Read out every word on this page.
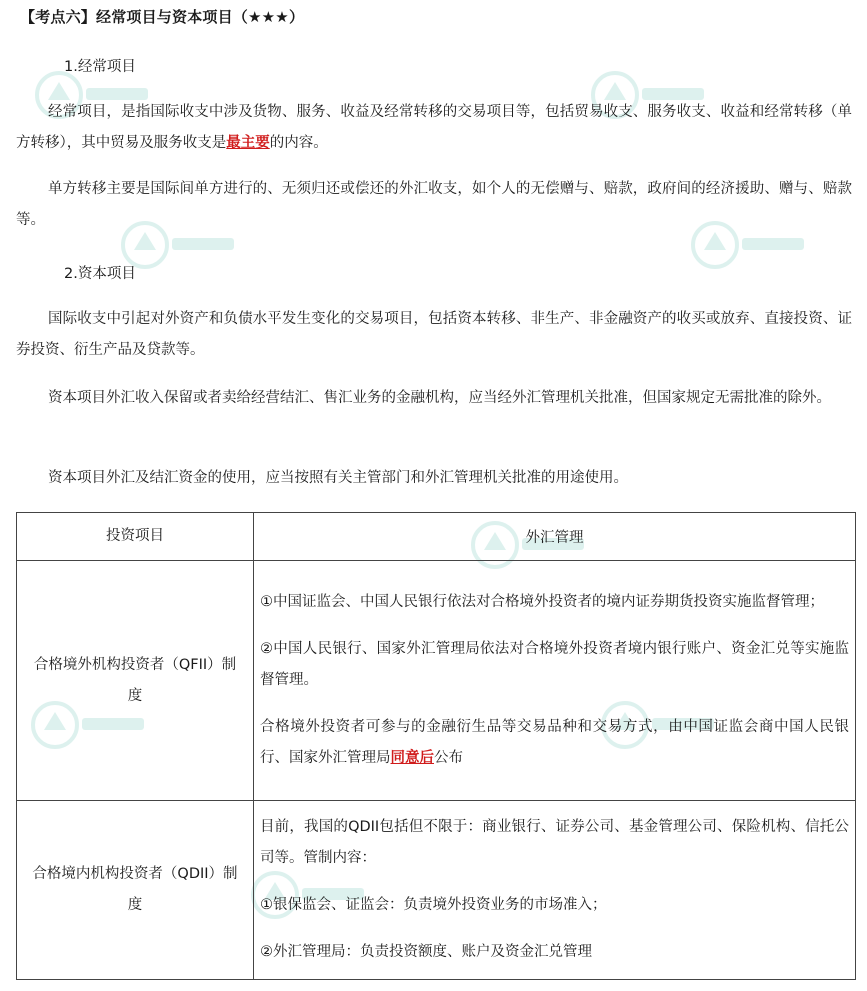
【考点六】经常项目与资本项目（★★★）
1.经常项目

经常项目，是指国际收支中涉及货物、服务、收益及经常转移的交易项目等，包括贸易收支、服务收支、收益和经常转移（单方转移），其中贸易及服务收支是最主要的内容。

单方转移主要是国际间单方进行的、无须归还或偿还的外汇收支，如个人的无偿赠与、赔款，政府间的经济援助、赠与、赔款等。

2.资本项目

国际收支中引起对外资产和负债水平发生变化的交易项目，包括资本转移、非生产、非金融资产的收买或放弃、直接投资、证券投资、衍生产品及贷款等。

资本项目外汇收入保留或者卖给经营结汇、售汇业务的金融机构，应当经外汇管理机关批准，但国家规定无需批准的除外。

资本项目外汇及结汇资金的使用，应当按照有关主管部门和外汇管理机关批准的用途使用。

投资项目	外汇管理

合格境外机构投资者（QFII）制度	①中国证监会、中国人民银行依法对合格境外投资者的境内证券期货投资实施监督管理；

②中国人民银行、国家外汇管理局依法对合格境外投资者境内银行账户、资金汇兑等实施监督管理。

合格境外投资者可参与的金融衍生品等交易品种和交易方式，由中国证监会商中国人民银行、国家外汇管理局同意后公布

合格境内机构投资者（QDII）制度	目前，我国的QDII包括但不限于：商业银行、证券公司、基金管理公司、保险机构、信托公司等。管制内容：

①银保监会、证监会：负责境外投资业务的市场准入；

②外汇管理局：负责投资额度、账户及资金汇兑管理
